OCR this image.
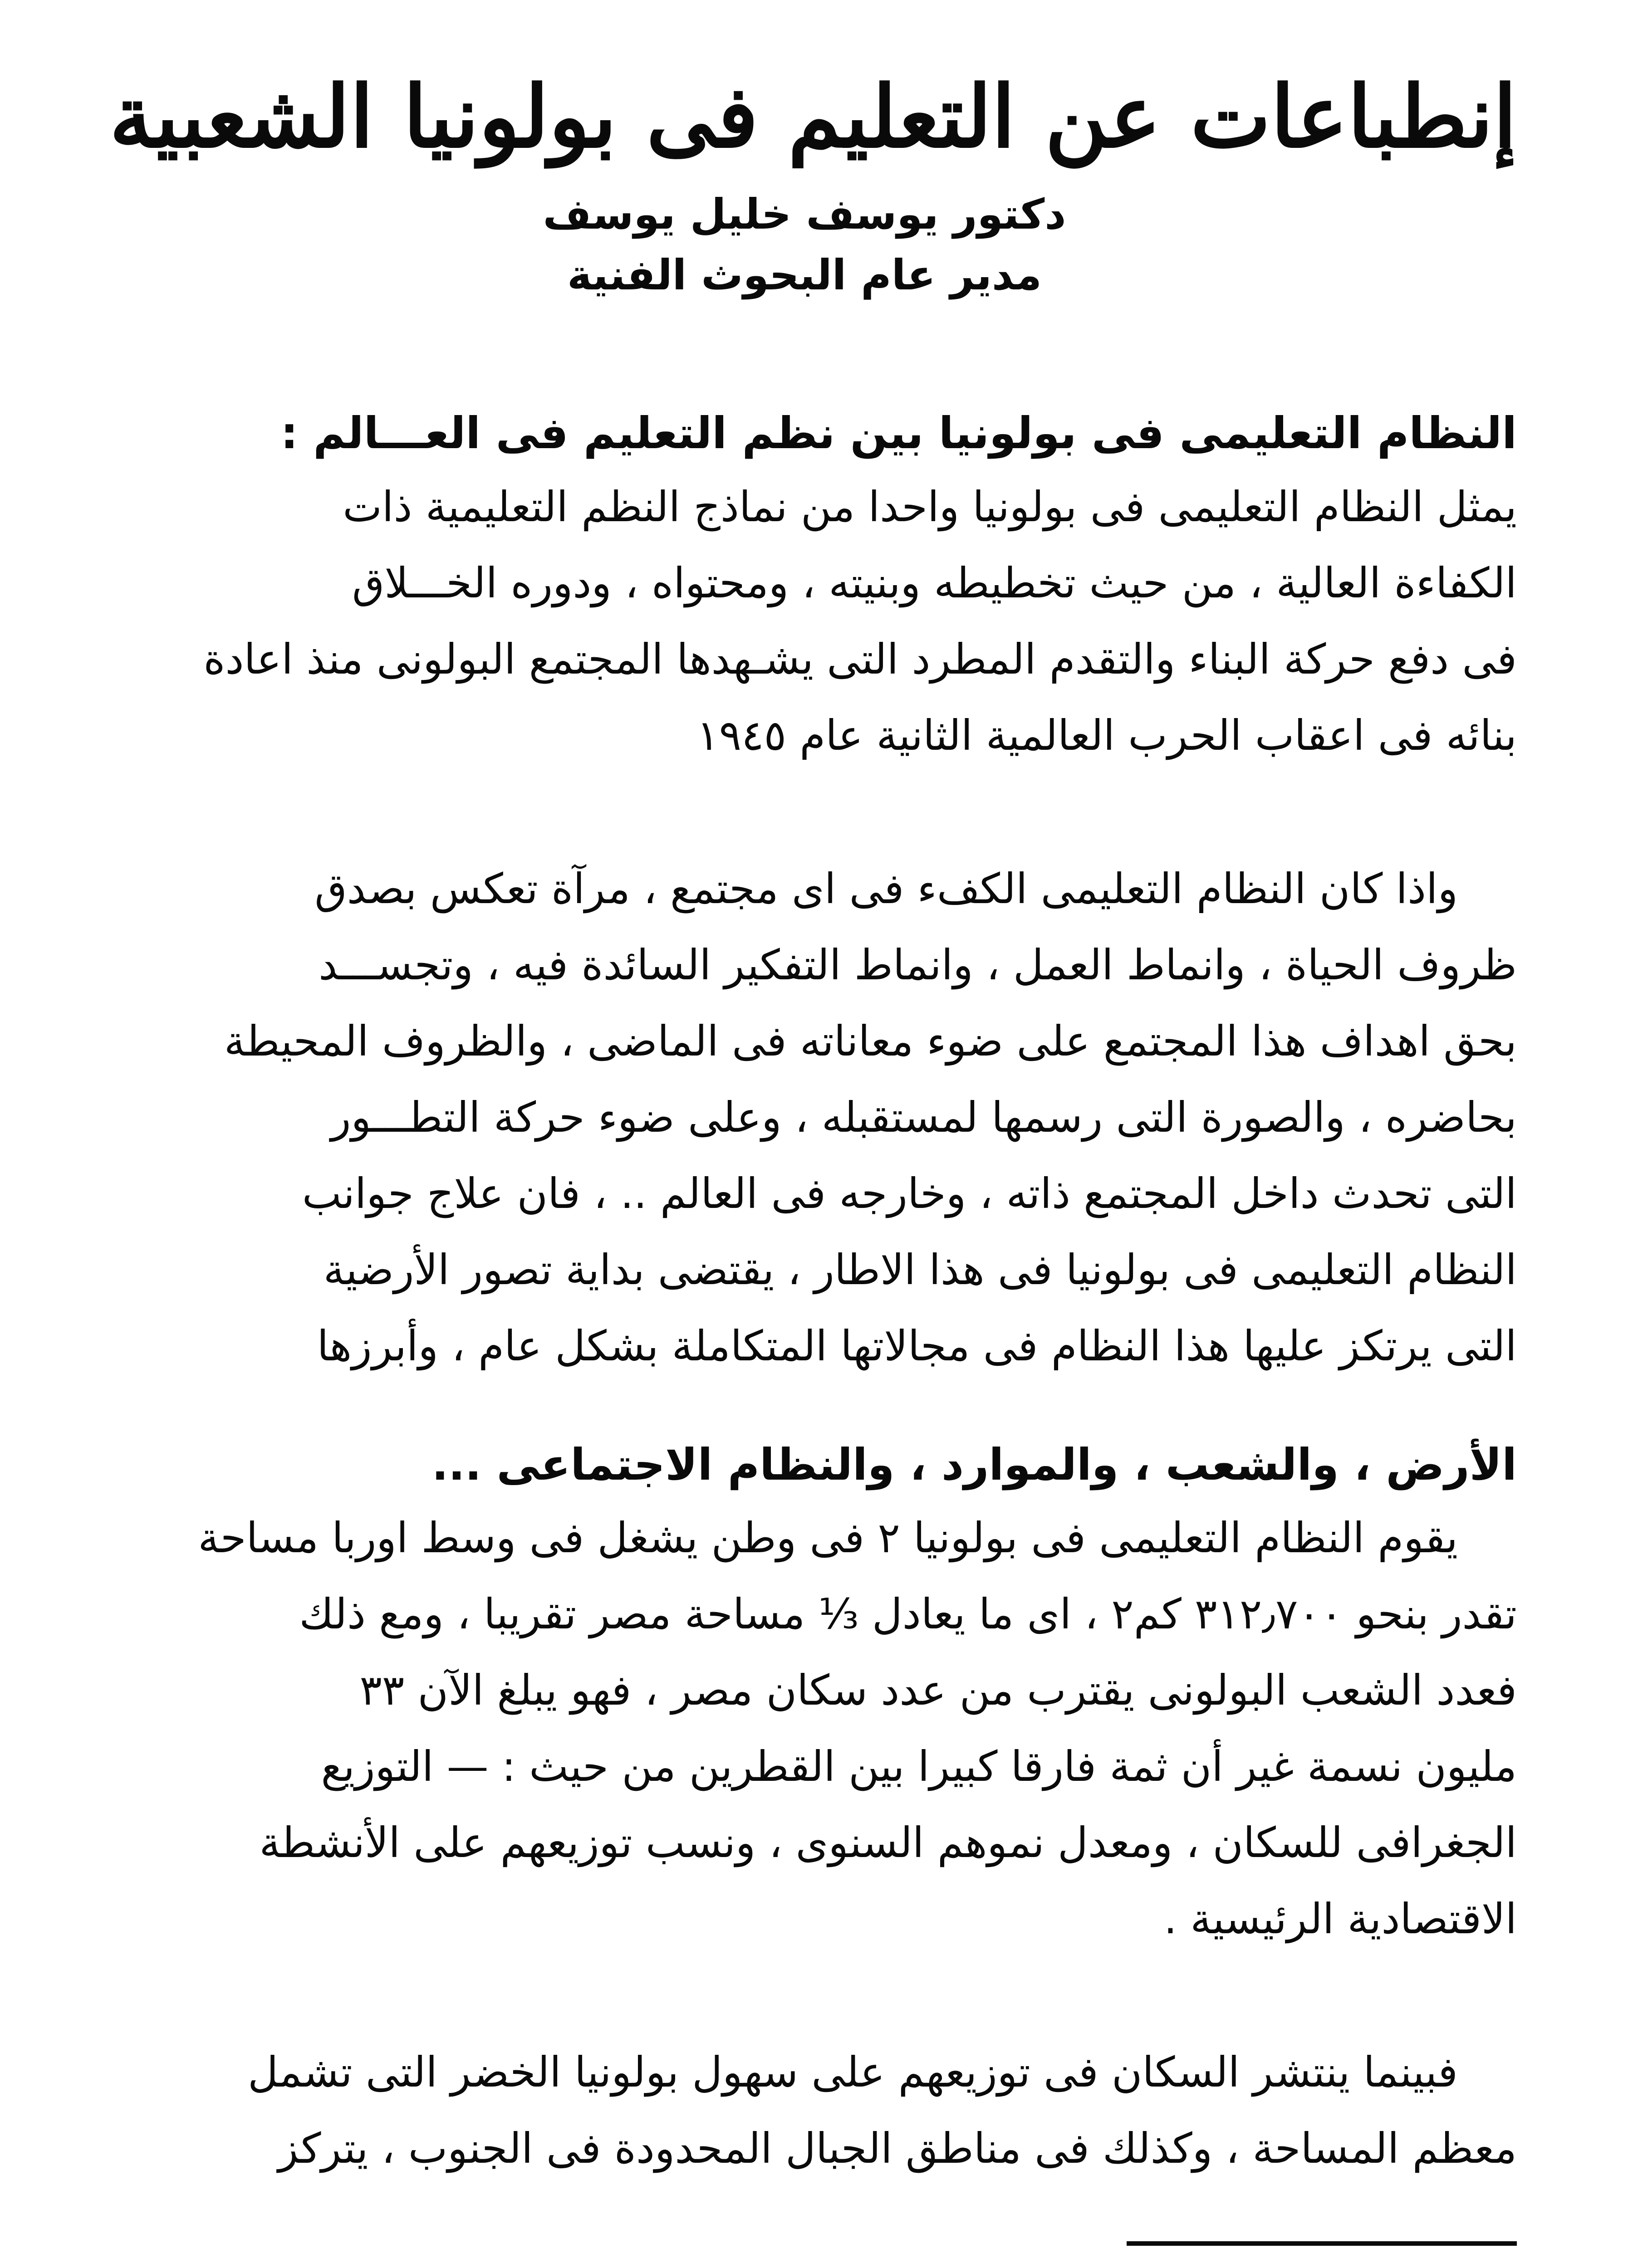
إنطباعات عن التعليم فى بولونيا الشعبية
دكتور يوسف خليل يوسف
مدير عام البحوث الفنية
النظام التعليمى فى بولونيا بين نظم التعليم فى العـــالم :

يمثل النظام التعليمى فى بولونيا واحدا من نماذج النظم التعليمية ذات
الكفاءة العالية ، من حيث تخطيطه وبنيته ، ومحتواه ، ودوره الخـــلاق
فى دفع حركة البناء والتقدم المطرد التى يشـهدها المجتمع البولونى منذ اعادة
بنائه فى اعقاب الحرب العالمية الثانية عام ١٩٤٥

واذا كان النظام التعليمى الكفء فى اى مجتمع ، مرآة تعكس بصدق
ظروف الحياة ، وانماط العمل ، وانماط التفكير السائدة فيه ، وتجســـد
بحق اهداف هذا المجتمع على ضوء معاناته فى الماضى ، والظروف المحيطة
بحاضره ، والصورة التى رسمها لمستقبله ، وعلى ضوء حركة التطـــور
التى تحدث داخل المجتمع ذاته ، وخارجه فى العالم .. ، فان علاج جوانب
النظام التعليمى فى بولونيا فى هذا الاطار ، يقتضى بداية تصور الأرضية
التى يرتكز عليها هذا النظام فى مجالاتها المتكاملة بشكل عام ، وأبرزها

الأرض ، والشعب ، والموارد ، والنظام الاجتماعى ...

يقوم النظام التعليمى فى بولونيا ٢ فى وطن يشغل فى وسط اوربا مساحة
تقدر بنحو ٣١٢٫٧٠٠ كم٢ ، اى ما يعادل ⅓ مساحة مصر تقريبا ، ومع ذلك
فعدد الشعب البولونى يقترب من عدد سكان مصر ، فهو يبلغ الآن ٣٣
مليون نسمة غير أن ثمة فارقا كبيرا بين القطرين من حيث : — التوزيع
الجغرافى للسكان ، ومعدل نموهم السنوى ، ونسب توزيعهم على الأنشطة
الاقتصادية الرئيسية .

فبينما ينتشر السكان فى توزيعهم على سهول بولونيا الخضر التى تشمل
معظم المساحة ، وكذلك فى مناطق الجبال المحدودة فى الجنوب ، يتركز
